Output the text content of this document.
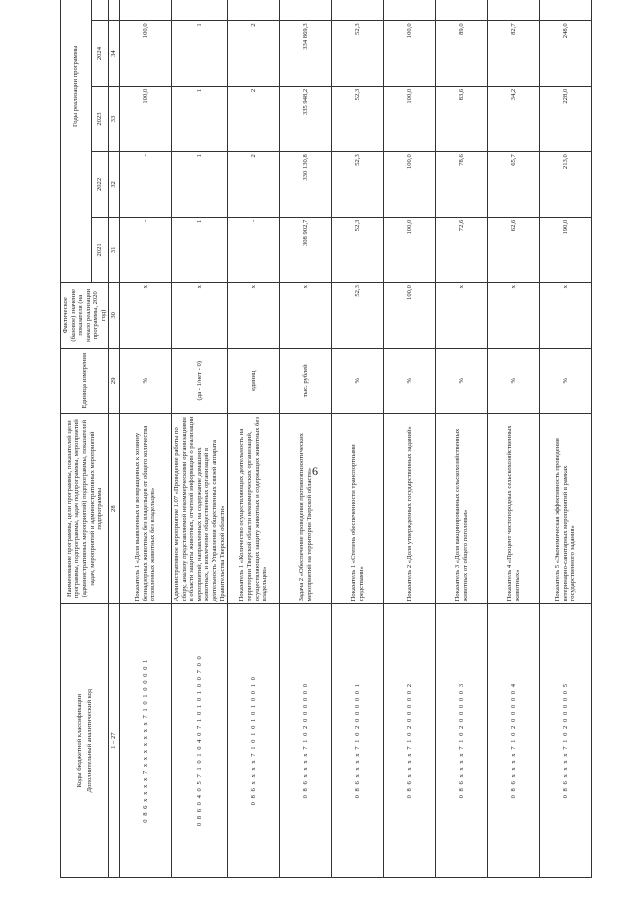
6
Коды бюджетной классификации Дополнительный аналитический код	Наименование программы, цели программы, показателей цели программы, подпрограммы, задач подпрограммы, мероприятий (административных мероприятий) подпрограммы, показателей задач, мероприятий и административных мероприятий подпрограммы	Единица измерения	Фактическое (базовое) значение показателя (на начало реализации программы, 2020 год)	Годы реализации программы	
				2021	2022	2023	2024			
1 – 27	28	29	30	31	32	33	34			
0 8 6 x x x x 7 x x x x x x x 7 1 0 1 0 0 0 0 1	Показатель 1 «Доля выявленных и возвращенных к хозяину безнадзорных животных без владельцев от общего количества отловленных животных без владельцев»	%	x	-	-	100,0	100,0			
0 8 6 0 4 0 5 7 1 0 1 0 4 0 7 1 0 1 0 1 0 0 7 0 0	Административное мероприятие 1.07 «Проведение работы по сбору, анализу представляемой некоммерческими организациями в области защиты животных, отчетной информации о реализации мероприятий, направленных на содержание домашних животных, и вовлечение общественных организаций в деятельность Управления общественных связей аппарата Правительства Тверской области»	(да - 1/нет - 0)	x	1	1	1	1			
0 8 6 x x x x 7 1 0 1 0 1 0 1 0 0 1 0	Показатель 1 «Количество осуществляющих деятельность на территории Тверской области некоммерческих организаций, осуществляющих защиту животных и содержащих животных без владельцев»	единиц	x	-	2	2	2			
0 8 6 x x x x 7 1 0 2 0 0 0 0 0 0	Задача 2 «Обеспечение проведения противоэпизоотических мероприятий на территории Тверской области»	тыс. рублей	x	308 902,7	330 130,8	335 948,2	334 869,3			
0 8 6 x x x x 7 1 0 2 0 0 0 0 0 1	Показатель 1 «Степень обеспеченности транспортными средствами»	%	52,3	52,3	52,3	52,3	52,3			
0 8 6 x x x x 7 1 0 2 0 0 0 0 0 2	Показатель 2 «Доля утвержденных государственных заданий»	%	100,0	100,0	100,0	100,0	100,0			
0 8 6 x x x x 7 1 0 2 0 0 0 0 0 3	Показатель 3 «Доля вакцинированных сельскохозяйственных животных от общего поголовья»	%	x	72,6	78,6	83,6	89,0			
0 8 6 x x x x 7 1 0 2 0 0 0 0 0 4	Показатель 4 «Процент чистопородных сельскохозяйственных животных»	%	x	62,6	65,7	34,2	82,7			
0 8 6 x x x x 7 1 0 2 0 0 0 0 0 5	Показатель 5 «Экономическая эффективность проведения ветеринарно-санитарных мероприятий в рамках государственного задания»	%	x	190,0	213,0	228,0	248,0			
